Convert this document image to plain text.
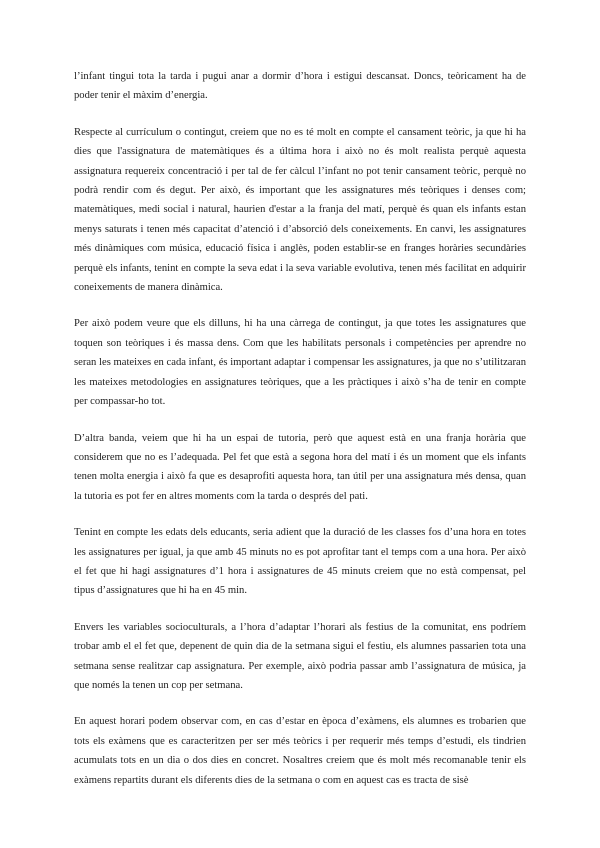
l’infant tingui tota la tarda i pugui anar a dormir d’hora i estigui descansat. Doncs, teòricament ha de poder tenir el màxim d’energia.

Respecte al currículum o contingut, creiem que no es té molt en compte el cansament teòric, ja que hi ha dies que l'assignatura de matemàtiques és a última hora i això no és molt realista perquè aquesta assignatura requereix concentració i per tal de fer càlcul l’infant no pot tenir cansament teòric, perquè no podrà rendir com és degut. Per això, és important que les assignatures més teòriques i denses com; matemàtiques, medi social i natural, haurien d'estar a la franja del matí, perquè és quan els infants estan menys saturats i tenen més capacitat d’atenció i d’absorció dels coneixements. En canvi, les assignatures més dinàmiques com música, educació física i anglès, poden establir-se en franges horàries secundàries perquè els infants, tenint en compte la seva edat i la seva variable evolutiva, tenen més facilitat en adquirir coneixements de manera dinàmica.

Per això podem veure que els dilluns, hi ha una càrrega de contingut, ja que totes les assignatures que toquen son teòriques i és massa dens. Com que les habilitats personals i competències per aprendre no seran les mateixes en cada infant, és important adaptar i compensar les assignatures, ja que no s’utilitzaran les mateixes metodologies en assignatures teòriques, que a les pràctiques i això s’ha de tenir en compte per compassar-ho tot.

D’altra banda, veiem que hi ha un espai de tutoria, però que aquest està en una franja horària que considerem que no es l’adequada. Pel fet que està a segona hora del matí i és un moment que els infants tenen molta energia i això fa que es desaprofiti aquesta hora, tan útil per una assignatura més densa, quan la tutoria es pot fer en altres moments com la tarda o després del pati.

Tenint en compte les edats dels educants, seria adient que la duració de les classes fos d’una hora en totes les assignatures per igual, ja que amb 45 minuts no es pot aprofitar tant el temps com a una hora. Per això el fet que hi hagi assignatures d’1 hora i assignatures de 45 minuts creiem que no està compensat, pel tipus d’assignatures que hi ha en 45 min.

Envers les variables socioculturals, a l’hora d’adaptar l’horari als festius de la comunitat, ens podríem trobar amb el el fet que, depenent de quin dia de la setmana sigui el festiu, els alumnes passarien tota una setmana sense realitzar cap assignatura. Per exemple, això podria passar amb l’assignatura de música, ja que només la tenen un cop per setmana.

En aquest horari podem observar com, en cas d’estar en època d’exàmens, els alumnes es trobarien que tots els exàmens que es caracteritzen per ser més teòrics i per requerir més temps d’estudi, els tindrien acumulats tots en un dia o dos dies en concret. Nosaltres creiem que és molt més recomanable tenir els exàmens repartits durant els diferents dies de la setmana o com en aquest cas es tracta de sisè
